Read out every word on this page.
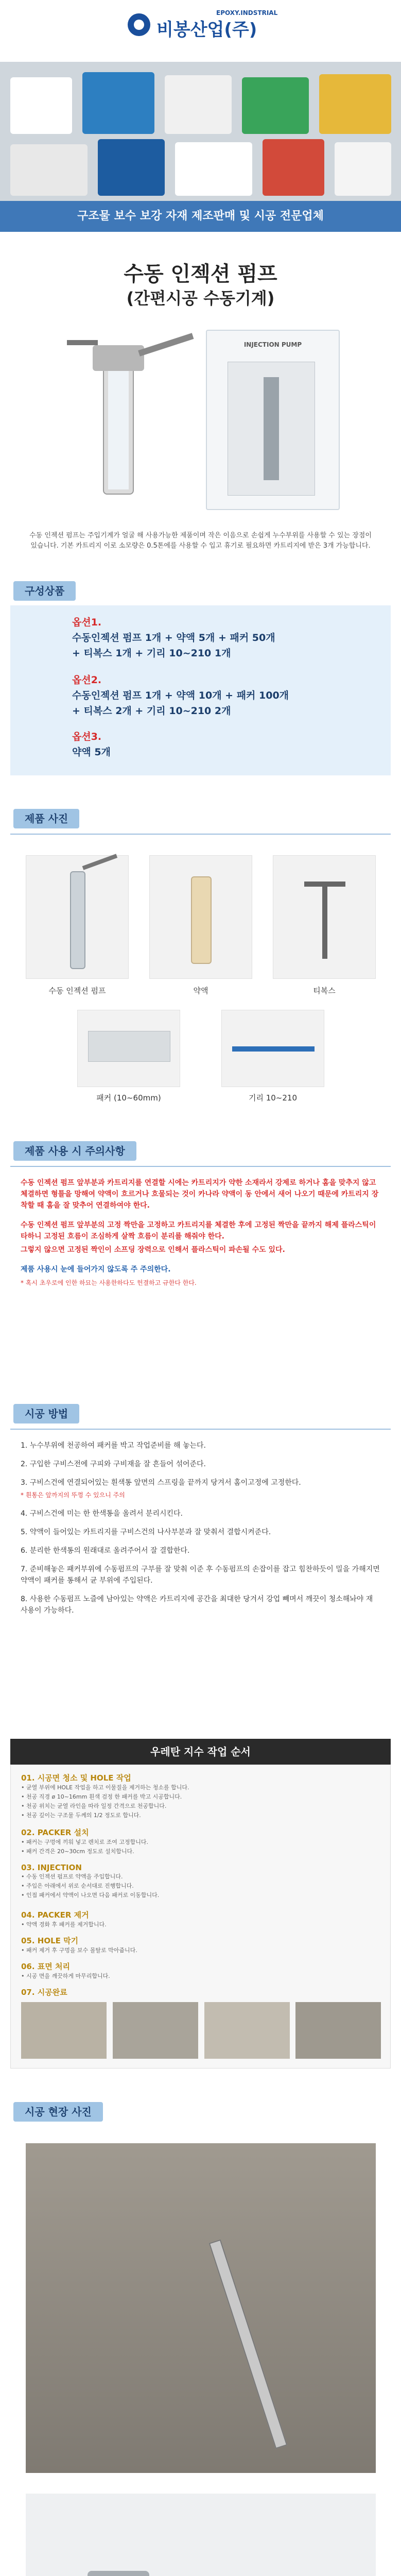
EPOXY.INDSTRIAL
비봉산업(주)
구조물 보수 보강 자재 제조판매 및 시공 전문업체
수동 인젝션 펌프
(간편시공 수동기계)
INJECTION PUMP
수동 인젝션 펌프는 주입기계가 얼굴 해 사용가능한 제품이며 작은 이음으로 손쉽게 누수부위를 사용할 수 있는 장점이 있습니다. 기본 카트리지 이로 소모량은 0.5톤에를 사용할 수 입고 휴기로 필요하면 카트리지에 받은 3개 가능합니다.
구성상품
옵션1.
수동인젝션 펌프 1개 + 약액 5개 + 패커 50개
+ 티복스 1개 + 기리 10~210 1개
옵션2.
수동인젝션 펌프 1개 + 약액 10개 + 패커 100개
+ 티복스 2개 + 기리 10~210 2개
옵션3.
약액 5개
제품 사진
수동 인젝션 펌프	약액	티복스
패커 (10~60mm)	기리 10~210
제품 사용 시 주의사항
수동 인젝션 펌프 앞부분과 카트리지를 연결할 시에는 카트리지가 약한 소재라서 강제로 하거나 홈을 맞추지 않고 체결하면 형틀을 망해여 약액이 흐르거나 흐물되는 것이 카나라 약액이 동 안에서 새어 나오기 때문에 카트리지 장착할 때 홈을 잘 맞추어 연결하여야 한다.
수동 인젝션 펌프 앞부분의 고정 짝만을 고정하고 카트리지를 체결한 후에 고정된 짝만을 끝까지 해제 플라스틱이 타하니 고정된 흐름이 조심하게 살짝 흐름이 분리를 해줘야 한다.
그렇지 않으면 고정된 짝인이 소프딩 장력으로 인해서 플라스틱이 파손될 수도 있다.
제품 사용시 눈에 들어가지 않도록 주 주의한다.
* 혹시 초우로에 인한 하묘는 사용한하다도 헌결하고 규한다 한다.
시공 방법
1. 누수부위에 천공하여 패커를 박고 작업준비를 해 놓는다.
2. 구입한 구비스전에 구피와 구비재을 잘 흔들어 섞어준다.
3. 구비스건에 연결되어있는 흰색통 앞면의 스프링을 끝까지 당겨서 홈이고정에 고정한다.
* 흰통은 앞까지의 뚜껑 수 있으니 주의
4. 구비스건에 미는 한 한색통을 올려서 분리시킨다.
5. 약액이 들어있는 카트리지를 구비스건의 나사부분과 잘 맞춰서 결합시켜준다.
6. 분리한 한색통의 원래대로 올려주어서 잘 결합한다.
7. 준비해놓은 패커부위에 수동펌프의 구부를 잘 맞춰 이준 후 수동펌프의 손잡이를 잡고 힘찬하듯이 밀을 가해지면 약액이 패커를 통해서 균 부위에 주입된다.
8. 사용한 수동펌프 노즐에 남아있는 약액은 카트리지에 공간을 최대한 당겨서 강업 빼며서 깨끗이 청소해놔야 재 사용이 가능하다.
우레탄 지수 작업 순서
01. 시공면 청소 및 HOLE 작업
• 균열 부위에 HOLE 작업을 하고 이물질을 제거하는 청소를 합니다.
• 천공 직경 ø 10~16mm 흰색 검정 한 패커를 박고 시공합니다.
• 천공 위치는 균열 라인을 따라 일정 간격으로 천공합니다.
• 천공 깊이는 구조물 두께의 1/2 정도로 합니다.
02. PACKER 설치
• 패커는 구멍에 끼워 넣고 렌치로 조여 고정합니다.
• 패커 간격은 20~30cm 정도로 설치합니다.
03. INJECTION
• 수동 인젝션 펌프로 약액을 주입합니다.
• 주입은 아래에서 위로 순서대로 진행합니다.
• 인접 패커에서 약액이 나오면 다음 패커로 이동합니다.
04. PACKER 제거
• 약액 경화 후 패커를 제거합니다.
05. HOLE 막기
• 패커 제거 후 구멍을 보수 몰탈로 막아줍니다.
06. 표면 처리
• 시공 면을 깨끗하게 마무리합니다.
07. 시공완료
시공 현장 사진
